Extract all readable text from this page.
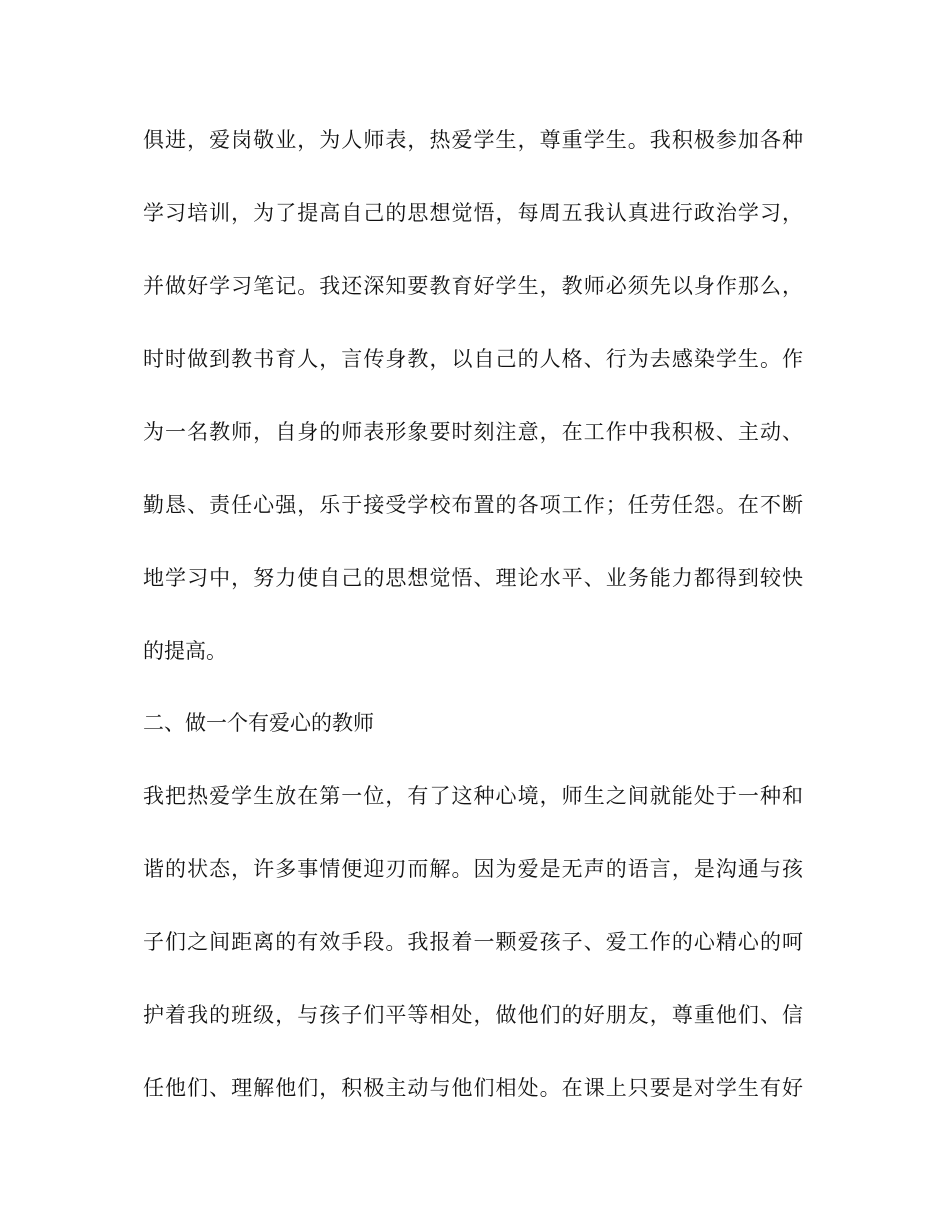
俱进，爱岗敬业，为人师表，热爱学生，尊重学生。我积极参加各种
学习培训，为了提高自己的思想觉悟，每周五我认真进行政治学习，
并做好学习笔记。我还深知要教育好学生，教师必须先以身作那么，
时时做到教书育人，言传身教，以自己的人格、行为去感染学生。作
为一名教师，自身的师表形象要时刻注意，在工作中我积极、主动、
勤恳、责任心强，乐于接受学校布置的各项工作；任劳任怨。在不断
地学习中，努力使自己的思想觉悟、理论水平、业务能力都得到较快
的提高。
二、做一个有爱心的教师
我把热爱学生放在第一位，有了这种心境，师生之间就能处于一种和
谐的状态，许多事情便迎刃而解。因为爱是无声的语言，是沟通与孩
子们之间距离的有效手段。我报着一颗爱孩子、爱工作的心精心的呵
护着我的班级，与孩子们平等相处，做他们的好朋友，尊重他们、信
任他们、理解他们，积极主动与他们相处。在课上只要是对学生有好
